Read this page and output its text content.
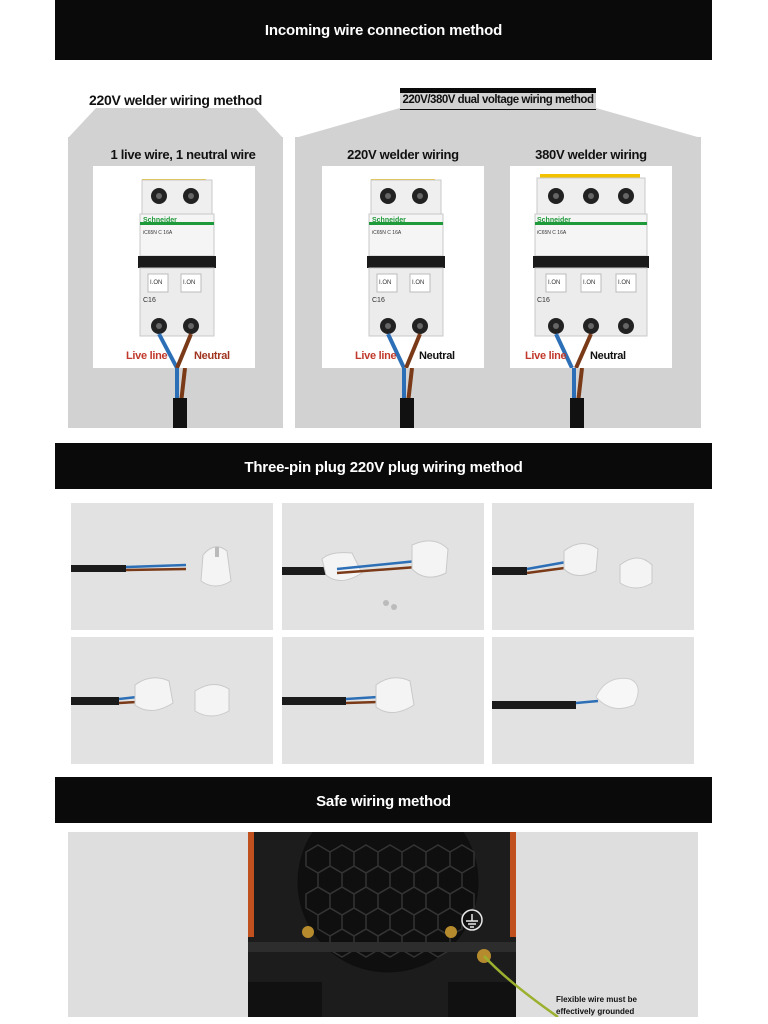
Incoming wire connection method
220V welder wiring method
1 live wire, 1 neutral wire
220V/380V dual voltage wiring method
220V welder wiring	380V welder wiring
Schneider
iC65N C 16A
I.ON	I.ON
C16
Live line Neutral
Schneider
iC65N C 16A
I.ON	I.ON
C16
Live line Neutral
Schneider
iC65N C 16A
I.ON	I.ON	I.ON
C16
Live line Neutral
Three-pin plug 220V plug wiring method
Safe wiring method
Flexible wire must be
effectively grounded
